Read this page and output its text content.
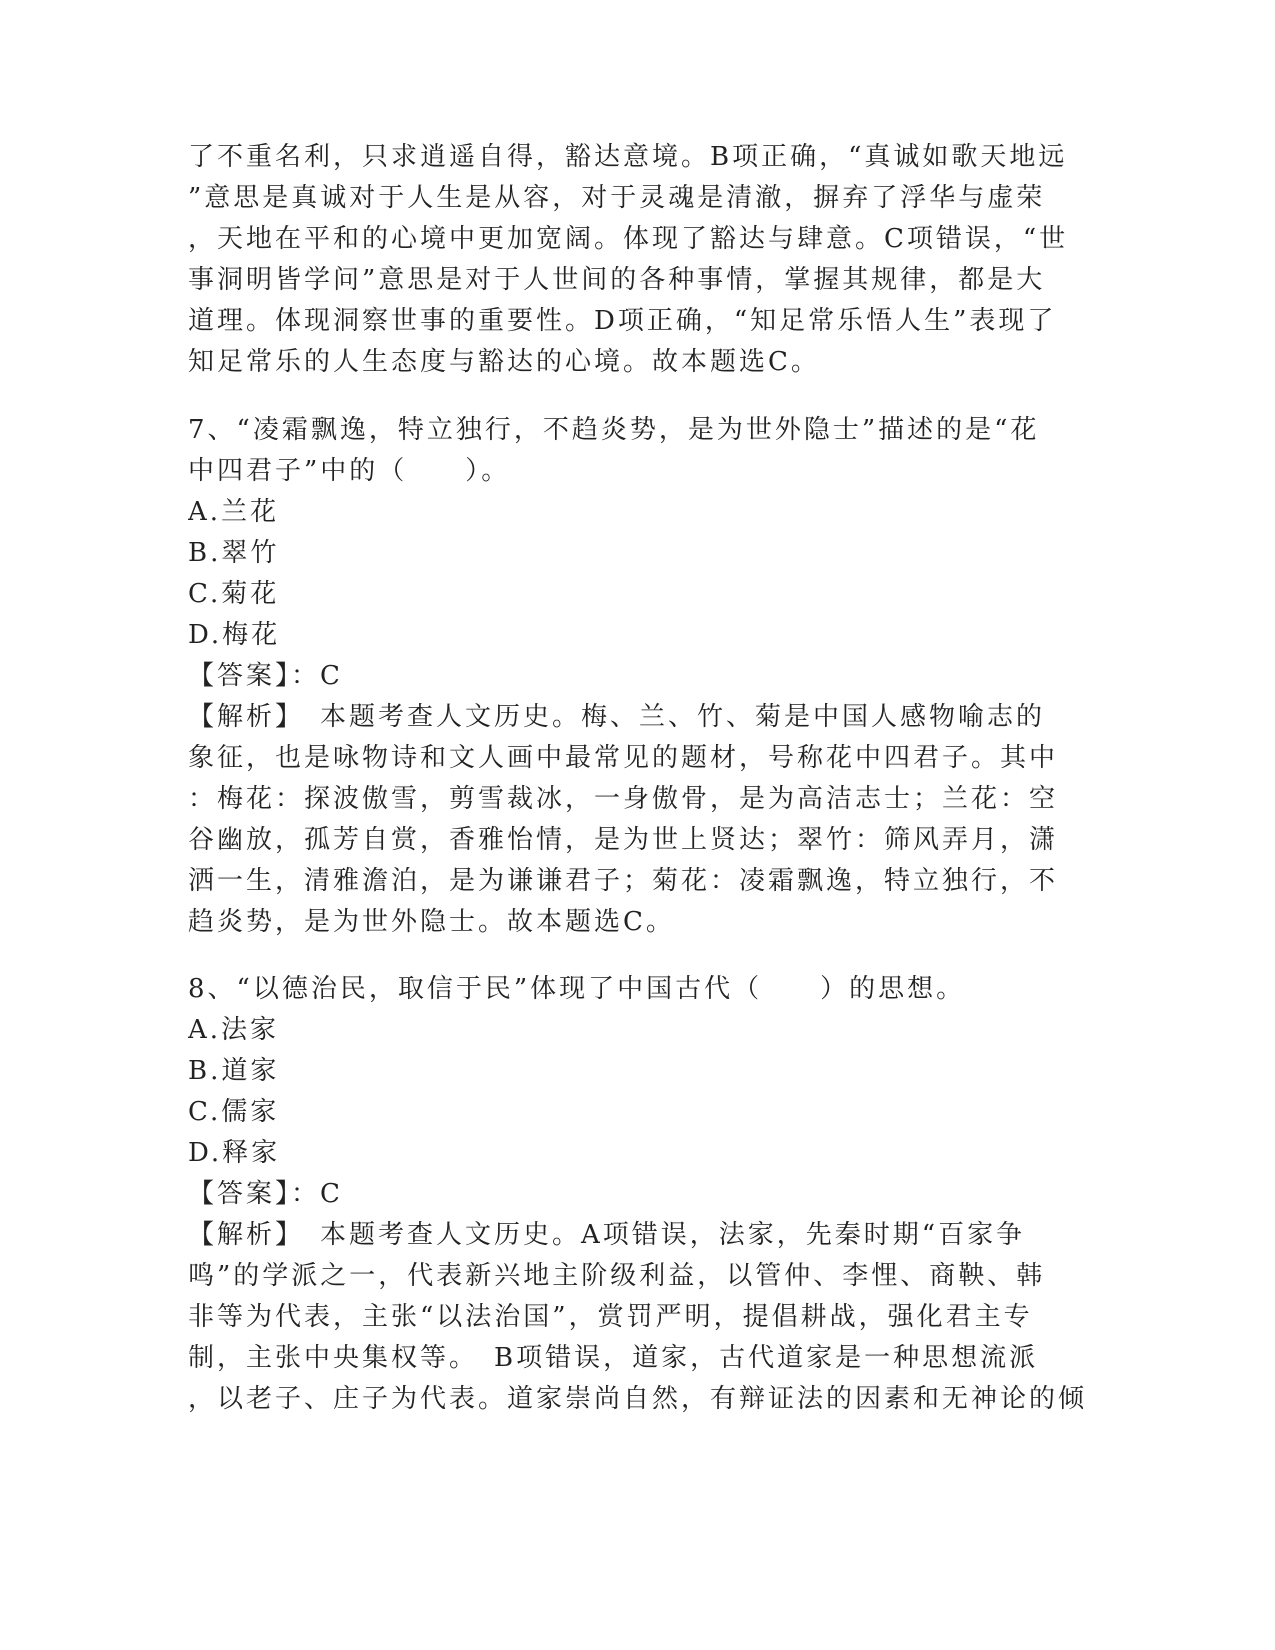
了不重名利，只求逍遥自得，豁达意境。B项正确，“真诚如歌天地远
”意思是真诚对于人生是从容，对于灵魂是清澈，摒弃了浮华与虚荣
，天地在平和的心境中更加宽阔。体现了豁达与肆意。C项错误，“世
事洞明皆学问”意思是对于人世间的各种事情，掌握其规律，都是大
道理。体现洞察世事的重要性。D项正确，“知足常乐悟人生”表现了
知足常乐的人生态度与豁达的心境。故本题选C。
7、“凌霜飘逸，特立独行，不趋炎势，是为世外隐士”描述的是“花
中四君子”中的（　　）。
A.兰花
B.翠竹
C.菊花
D.梅花
【答案】：C
【解析】　本题考查人文历史。梅、兰、竹、菊是中国人感物喻志的
象征，也是咏物诗和文人画中最常见的题材，号称花中四君子。其中
：梅花：探波傲雪，剪雪裁冰，一身傲骨，是为高洁志士；兰花：空
谷幽放，孤芳自赏，香雅怡情，是为世上贤达；翠竹：筛风弄月，潇
洒一生，清雅澹泊，是为谦谦君子；菊花：凌霜飘逸，特立独行，不
趋炎势，是为世外隐士。故本题选C。
8、“以德治民，取信于民”体现了中国古代（　　）的思想。
A.法家
B.道家
C.儒家
D.释家
【答案】：C
【解析】　本题考查人文历史。A项错误，法家，先秦时期“百家争
鸣”的学派之一，代表新兴地主阶级利益，以管仲、李悝、商鞅、韩
非等为代表，主张“以法治国”，赏罚严明，提倡耕战，强化君主专
制，主张中央集权等。　B项错误，道家，古代道家是一种思想流派
，以老子、庄子为代表。道家崇尚自然，有辩证法的因素和无神论的倾
